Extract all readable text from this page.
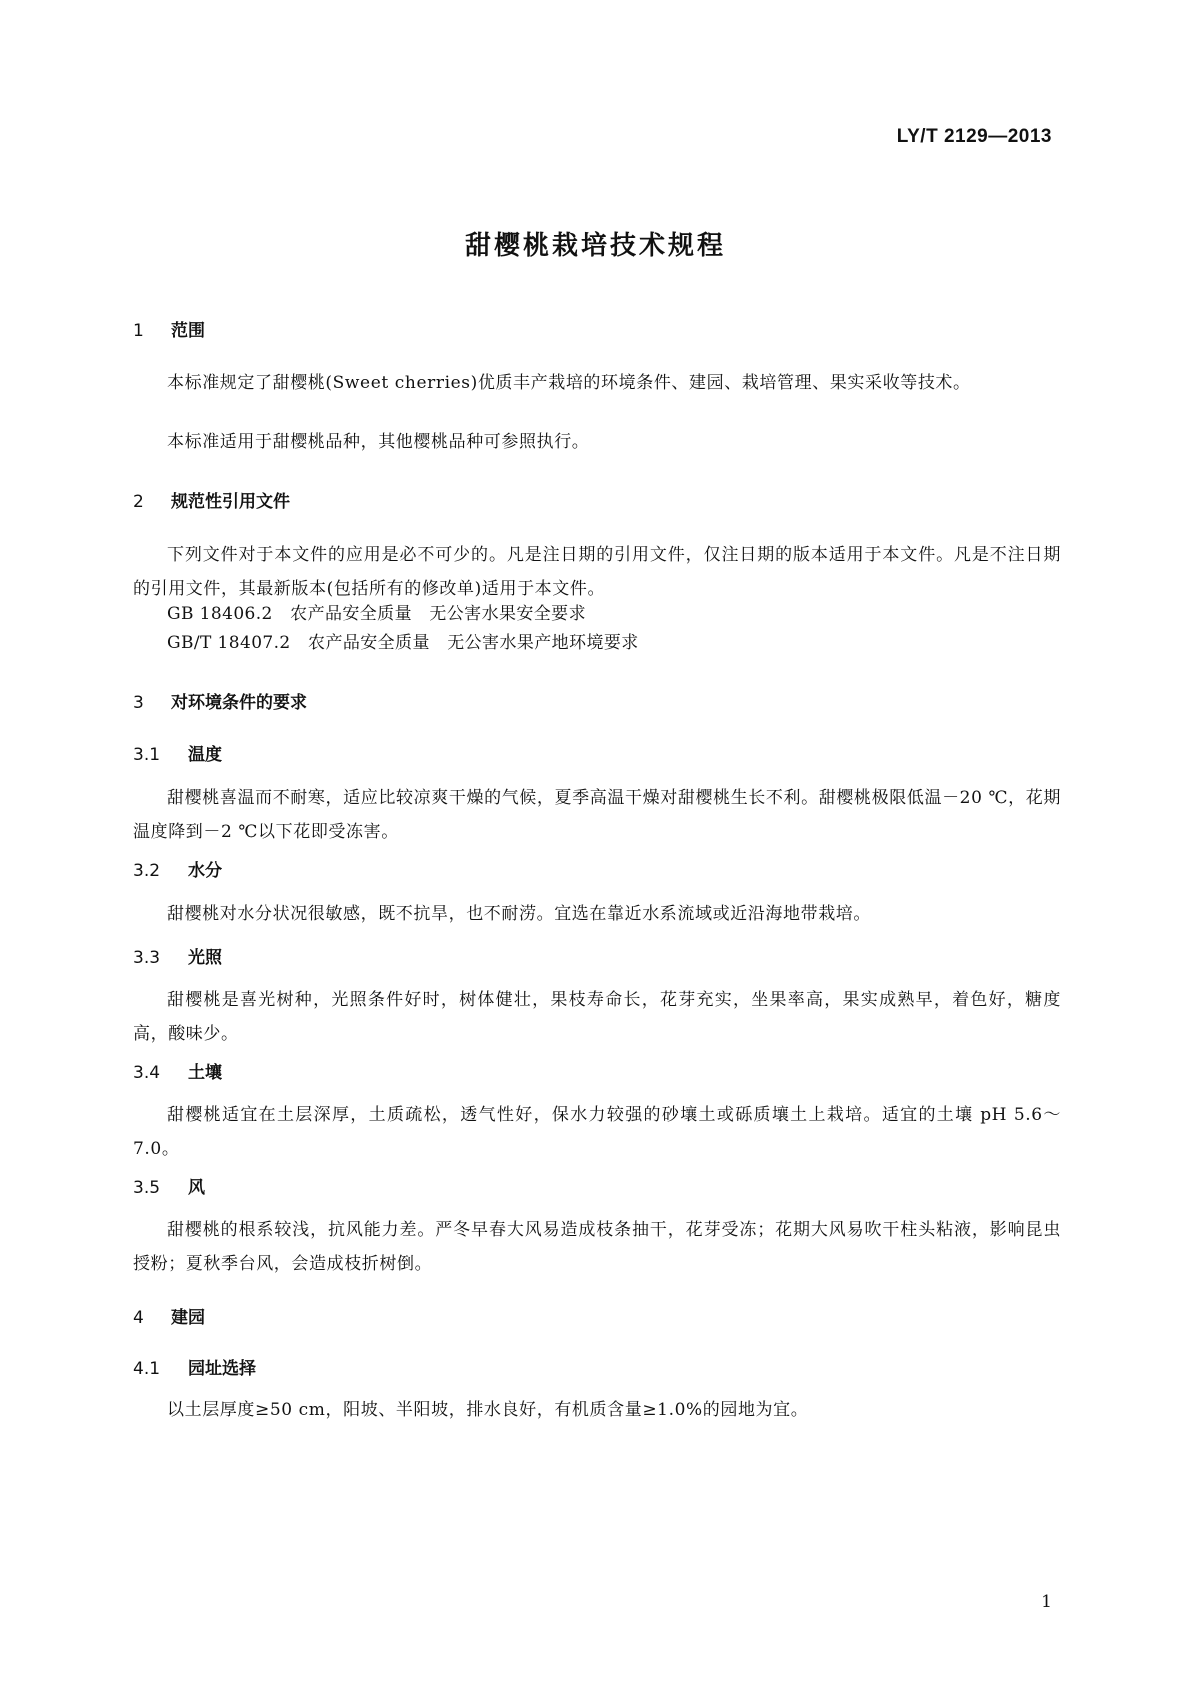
LY/T 2129—2013
甜樱桃栽培技术规程
1 范围
本标准规定了甜樱桃(Sweet cherries)优质丰产栽培的环境条件、建园、栽培管理、果实采收等技术。
本标准适用于甜樱桃品种，其他樱桃品种可参照执行。
2 规范性引用文件
下列文件对于本文件的应用是必不可少的。凡是注日期的引用文件，仅注日期的版本适用于本文件。凡是不注日期的引用文件，其最新版本(包括所有的修改单)适用于本文件。
GB 18406.2　农产品安全质量　无公害水果安全要求
GB/T 18407.2　农产品安全质量　无公害水果产地环境要求
3 对环境条件的要求
3.1 温度
甜樱桃喜温而不耐寒，适应比较凉爽干燥的气候，夏季高温干燥对甜樱桃生长不利。甜樱桃极限低温－20 ℃，花期温度降到－2 ℃以下花即受冻害。
3.2 水分
甜樱桃对水分状况很敏感，既不抗旱，也不耐涝。宜选在靠近水系流域或近沿海地带栽培。
3.3 光照
甜樱桃是喜光树种，光照条件好时，树体健壮，果枝寿命长，花芽充实，坐果率高，果实成熟早，着色好，糖度高，酸味少。
3.4 土壤
甜樱桃适宜在土层深厚，土质疏松，透气性好，保水力较强的砂壤土或砾质壤土上栽培。适宜的土壤 pH 5.6～7.0。
3.5 风
甜樱桃的根系较浅，抗风能力差。严冬早春大风易造成枝条抽干，花芽受冻；花期大风易吹干柱头粘液，影响昆虫授粉；夏秋季台风，会造成枝折树倒。
4 建园
4.1 园址选择
以土层厚度≥50 cm，阳坡、半阳坡，排水良好，有机质含量≥1.0%的园地为宜。
1
